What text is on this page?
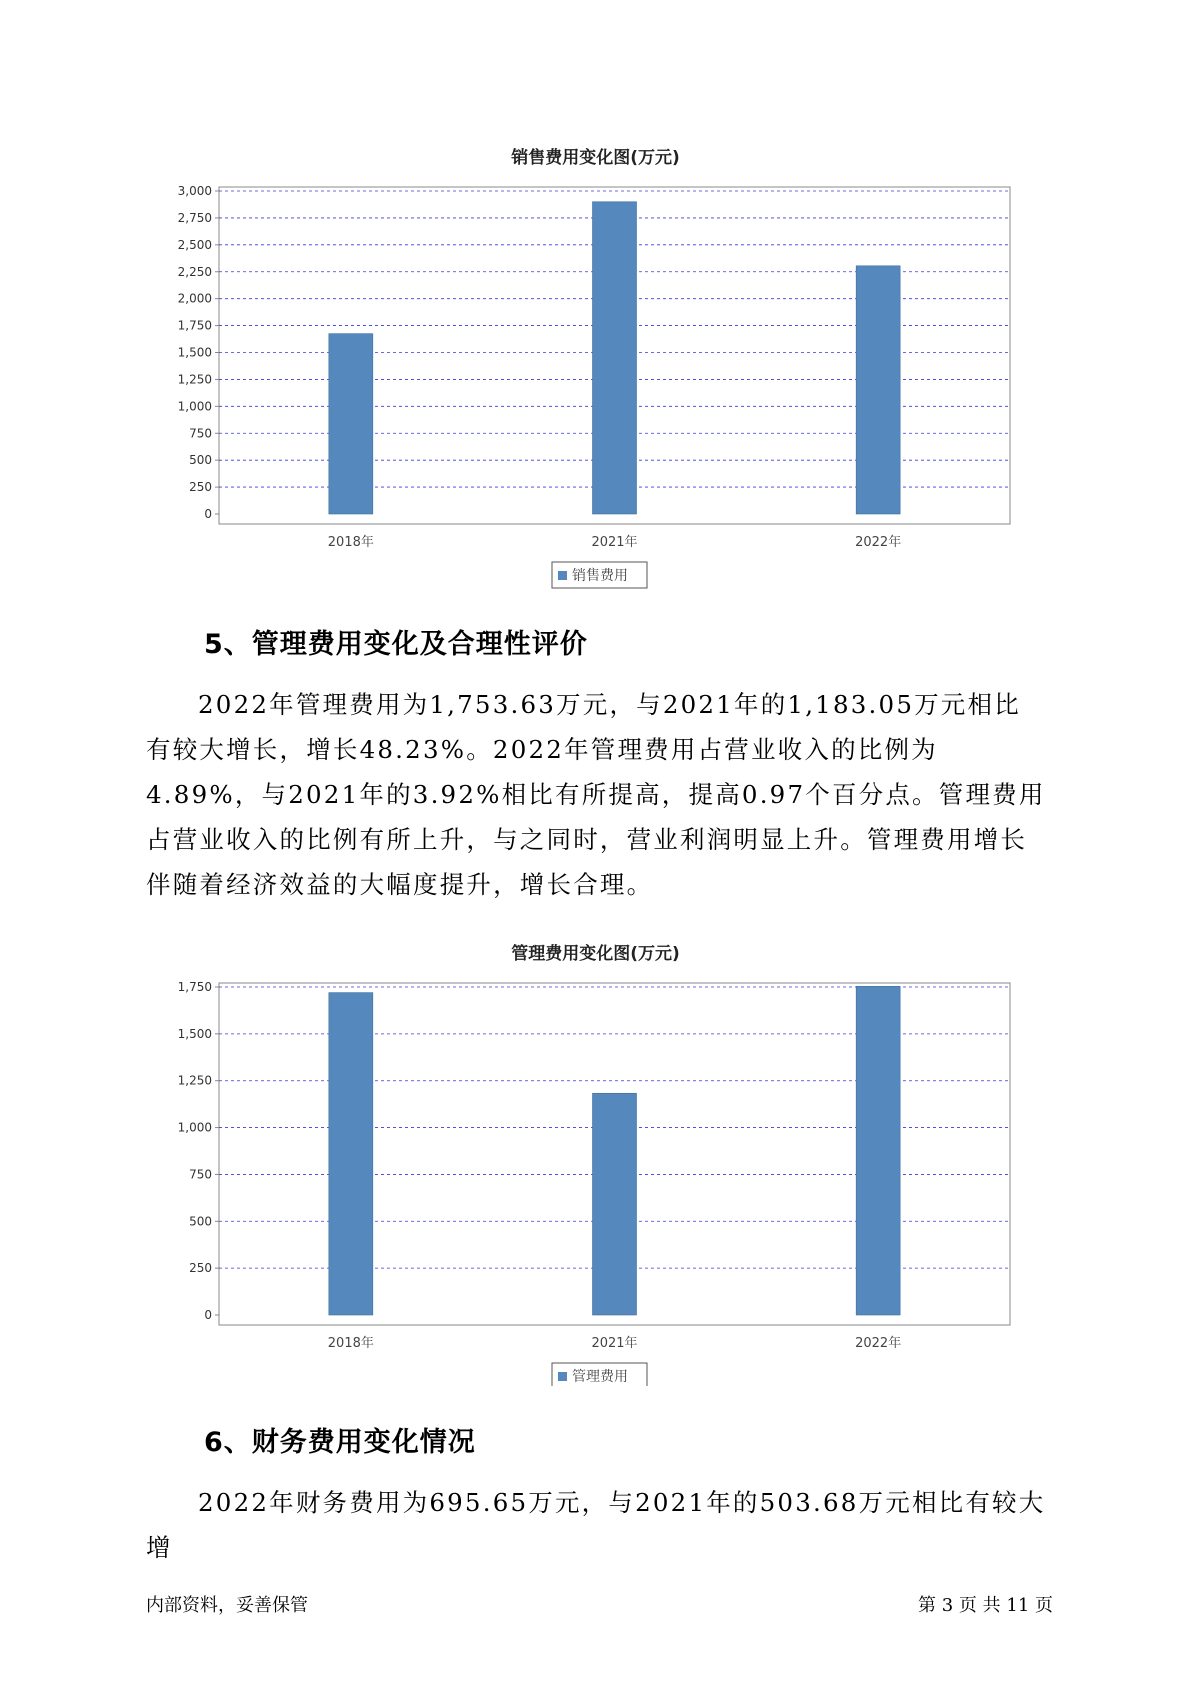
销售费用变化图(万元)
0
250
500
750
1,000
1,250
1,500
1,750
2,000
2,250
2,500
2,750
3,000
2018年	2021年	2022年
销售费用
5、管理费用变化及合理性评价

2022年管理费用为1,753.63万元，与2021年的1,183.05万元相比有较大增长，增长48.23%。2022年管理费用占营业收入的比例为4.89%，与2021年的3.92%相比有所提高，提高0.97个百分点。管理费用占营业收入的比例有所上升，与之同时，营业利润明显上升。管理费用增长伴随着经济效益的大幅度提升，增长合理。

管理费用变化图(万元)
0
250
500
750
1,000
1,250
1,500
1,750
2018年	2021年	2022年
管理费用
6、财务费用变化情况

2022年财务费用为695.65万元，与2021年的503.68万元相比有较大增

内部资料，妥善保管	第 3 页 共 11 页
